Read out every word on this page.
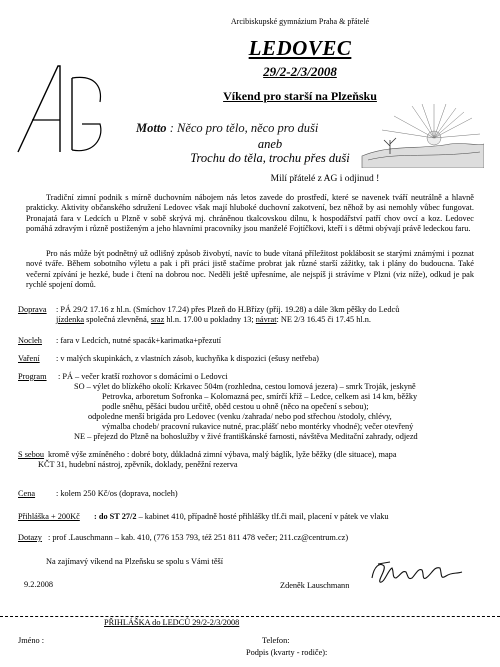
Arcibiskupské gymnázium Praha & přátelé
LEDOVEC
29/2-2/3/2008
Víkend pro starší na Plzeňsku
Motto : Něco pro tělo, něco pro duši
aneb
Trochu do těla, trochu přes duši
Milí přátelé z AG i odjinud !
Tradiční zimní podnik s mírně duchovním nábojem nás letos zavede do prostředí, které se navenek tváří neutrálně a hlavně prakticky. Aktivity občanského sdružení Ledovec však mají hluboké duchovní zakotvení, bez něhož by asi nemohly vůbec fungovat. Pronajatá fara v Ledcích u Plzně v sobě skrývá mj. chráněnou tkalcovskou dílnu, k hospodářství patří chov ovcí a koz. Ledovec pomáhá zdravým i různě postiženým a jeho hlavními pracovníky jsou manželé Fojtíčkovi, kteří i s dětmi obývají právě ledeckou faru.
Pro nás může být podnětný už odlišný způsob živobytí, navíc to bude vítaná příležitost poklábosit se starými známými i poznat nové tváře. Během sobotního výletu a pak i při práci jistě stačíme probrat jak různé starší zážitky, tak i plány do budoucna. Také večerní zpívání je hezké, bude i čtení na dobrou noc. Neděli ještě upřesníme, ale nejspíš ji strávíme v Plzni (viz níže), odkud je pak rychlé spojení domů.
Doprava : PÁ 29/2 17.16 z hl.n. (Smíchov 17.24) přes Plzeň do H.Břízy (příj. 19.28) a dále 3km pěšky do Ledců
jízdenka společná zlevněná, sraz hl.n. 17.00 u pokladny 13; návrat: NE 2/3 16.45 či 17.45 hl.n.
Nocleh : fara v Ledcích, nutné spacák+karimatka+přezutí
Vaření : v malých skupinkách, z vlastních zásob, kuchyňka k dispozici (ešusy netřeba)
Program : PÁ – večer kratší rozhovor s domácími o Ledovci
SO – výlet do blízkého okolí: Krkavec 504m (rozhledna, cestou lomová jezera) – smrk Troják, jeskyně
Petrovka, arboretum Sofronka – Kolomazná pec, smírčí kříž – Ledce, celkem asi 14 km, běžky
podle sněhu, pěšáci budou určitě, oběd cestou u ohně (něco na opečení s sebou);
odpoledne menší brigáda pro Ledovec (venku /zahrada/ nebo pod střechou /stodoly, chlévy,
výmalba chodeb/ pracovní rukavice nutné, prac.plášť nebo montérky vhodné); večer otevřený
NE – přejezd do Plzně na bohoslužby v živé františkánské farnosti, návštěva Meditační zahrady, odjezd
S sebou kromě výše zmíněného : dobré boty, důkladná zimní výbava, malý báglík, lyže běžky (dle situace), mapa
KČT 31, hudební nástroj, zpěvník, doklady, peněžní rezerva
Cena	: kolem 250 Kč/os (doprava, nocleh)
Přihláška + 200Kč : do ST 27/2 – kabinet 410, případně hosté přihlášky tlf.či mail, placení v pátek ve vlaku
Dotazy : prof .Lauschmann – kab. 410, (776 153 793, též 251 811 478 večer; 211.cz@centrum.cz)
Na zajímavý víkend na Plzeňsku se spolu s Vámi těší
9.2.2008	Zdeněk Lauschmann
PŘIHLÁŠKA do LEDCŮ 29/2-2/3/2008
Jméno :	Telefon:
Podpis (kvarty - rodiče):
